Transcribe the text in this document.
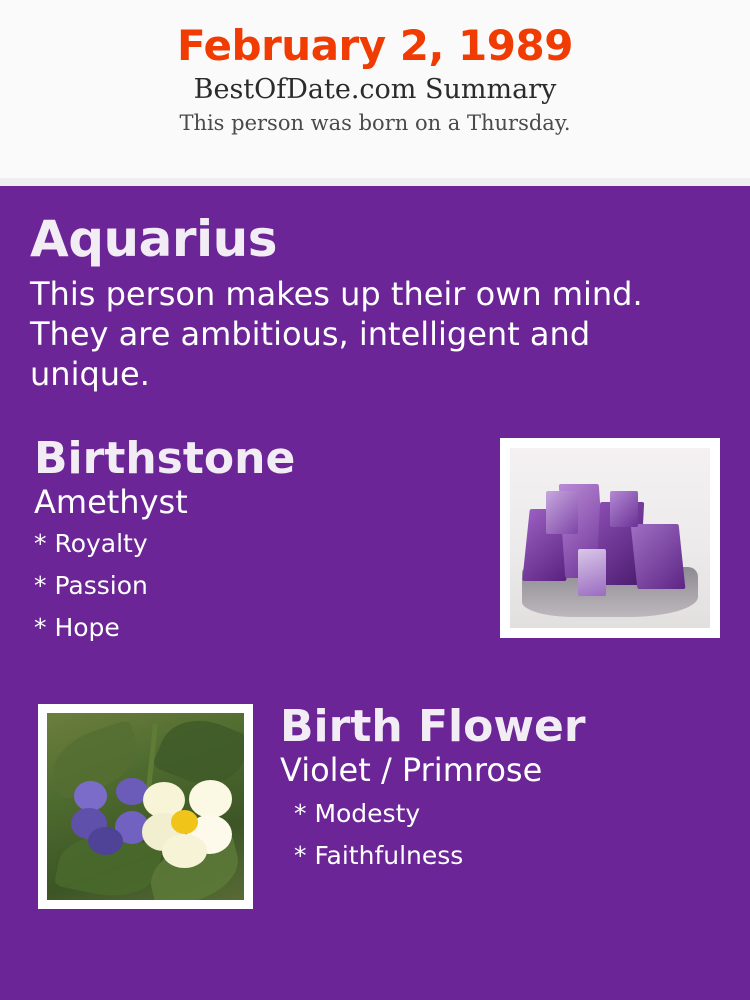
February 2, 1989
BestOfDate.com Summary
This person was born on a Thursday.
Aquarius
This person makes up their own mind. They are ambitious, intelligent and unique.
Birthstone
Amethyst
* Royalty
* Passion
* Hope
Birth Flower
Violet / Primrose
* Modesty
* Faithfulness
